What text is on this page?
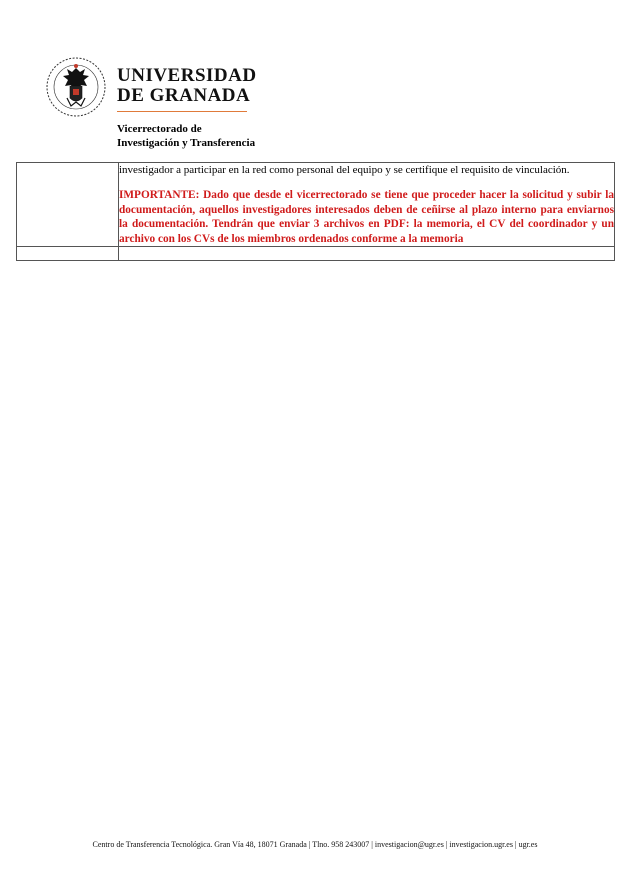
UNIVERSIDAD
DE GRANADA
Vicerrectorado de
Investigación y Transferencia

	investigador a participar en la red como personal del equipo y se certifique el requisito de vinculación.

IMPORTANTE: Dado que desde el vicerrectorado se tiene que proceder hacer la solicitud y subir la documentación, aquellos investigadores interesados deben de ceñirse al plazo interno para enviarnos la documentación. Tendrán que enviar 3 archivos en PDF: la memoria, el CV del coordinador y un archivo con los CVs de los miembros ordenados conforme a la memoria

Centro de Transferencia Tecnológica. Gran Vía 48, 18071 Granada | Tlno. 958 243007 | investigacion@ugr.es | investigacion.ugr.es | ugr.es
